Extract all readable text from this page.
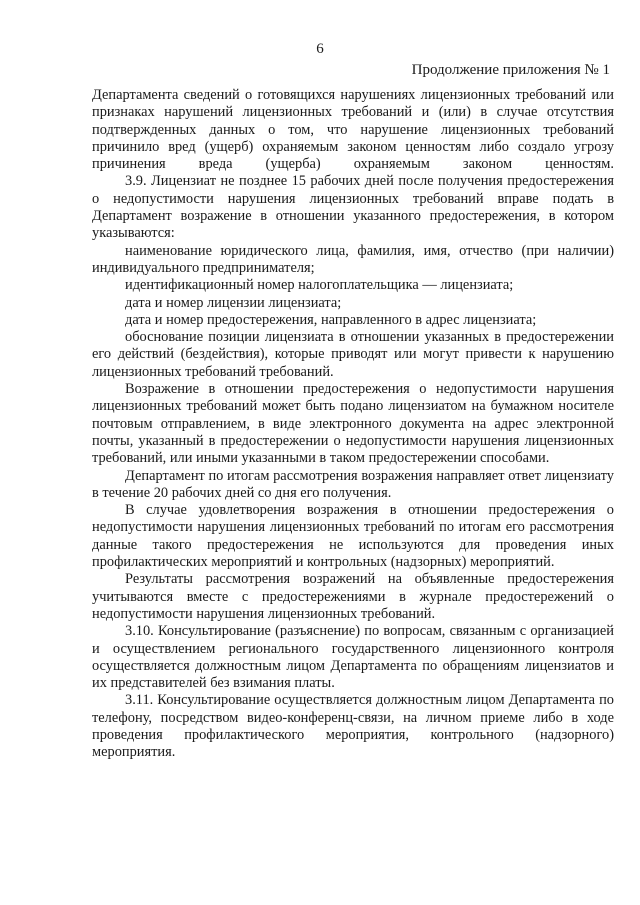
6
Продолжение приложения № 1

Департамента сведений о готовящихся нарушениях лицензионных требований или признаках нарушений лицензионных требований и (или) в случае отсутствия подтвержденных данных о том, что нарушение лицензионных требований причинило вред (ущерб) охраняемым законом ценностям либо создало угрозу причинения вреда (ущерба) охраняемым законом ценностям.

3.9. Лицензиат не позднее 15 рабочих дней после получения предостережения о недопустимости нарушения лицензионных требований вправе подать в Департамент возражение в отношении указанного предостережения, в котором указываются:

наименование юридического лица, фамилия, имя, отчество (при наличии) индивидуального предпринимателя;

идентификационный номер налогоплательщика — лицензиата;

дата и номер лицензии лицензиата;

дата и номер предостережения, направленного в адрес лицензиата;

обоснование позиции лицензиата в отношении указанных в предостережении его действий (бездействия), которые приводят или могут привести к нарушению лицензионных требований требований.

Возражение в отношении предостережения о недопустимости нарушения лицензионных требований может быть подано лицензиатом на бумажном носителе почтовым отправлением, в виде электронного документа на адрес электронной почты, указанный в предостережении о недопустимости нарушения лицензионных требований, или иными указанными в таком предостережении способами.

Департамент по итогам рассмотрения возражения направляет ответ лицензиату в течение 20 рабочих дней со дня его получения.

В случае удовлетворения возражения в отношении предостережения о недопустимости нарушения лицензионных требований по итогам его рассмотрения данные такого предостережения не используются для проведения иных профилактических мероприятий и контрольных (надзорных) мероприятий.

Результаты рассмотрения возражений на объявленные предостережения учитываются вместе с предостережениями в журнале предостережений о недопустимости нарушения лицензионных требований.

3.10. Консультирование (разъяснение) по вопросам, связанным с организацией и осуществлением регионального государственного лицензионного контроля осуществляется должностным лицом Департамента по обращениям лицензиатов и их представителей без взимания платы.

3.11. Консультирование осуществляется должностным лицом Департамента по телефону, посредством видео-конференц-связи, на личном приеме либо в ходе проведения профилактического мероприятия, контрольного (надзорного) мероприятия.
